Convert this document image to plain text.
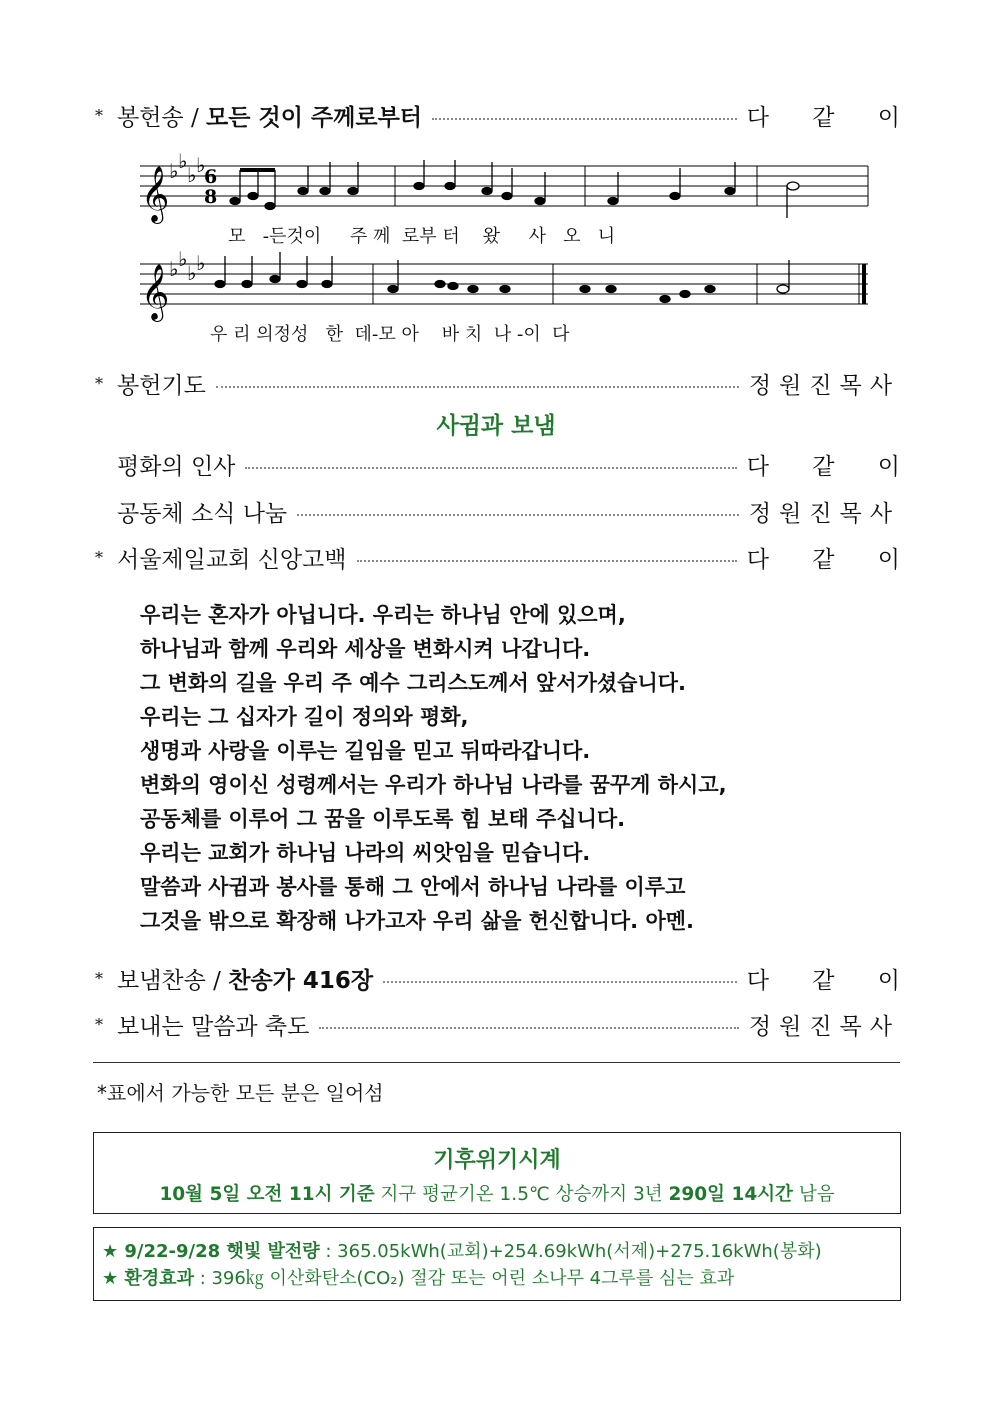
* 봉헌송 / 모든 것이 주께로부터	다 같 이
𝄞
𝄞
♭ ♭
♭ ♭
♭ ♭
♭ ♭
6
8
모 -든것이 주 께 로부 터 왔 사 오 니
우 리 의정성 한 데-모 아 바 치 나 -이 다
* 봉헌기도	정원진목사
사귐과 보냄
평화의 인사	다 같 이
공동체 소식 나눔	정원진목사
* 서울제일교회 신앙고백	다 같 이
우리는 혼자가 아닙니다. 우리는 하나님 안에 있으며,
하나님과 함께 우리와 세상을 변화시켜 나갑니다.
그 변화의 길을 우리 주 예수 그리스도께서 앞서가셨습니다.
우리는 그 십자가 길이 정의와 평화,
생명과 사랑을 이루는 길임을 믿고 뒤따라갑니다.
변화의 영이신 성령께서는 우리가 하나님 나라를 꿈꾸게 하시고,
공동체를 이루어 그 꿈을 이루도록 힘 보태 주십니다.
우리는 교회가 하나님 나라의 씨앗임을 믿습니다.
말씀과 사귐과 봉사를 통해 그 안에서 하나님 나라를 이루고
그것을 밖으로 확장해 나가고자 우리 삶을 헌신합니다. 아멘.
* 보냄찬송 / 찬송가 416장	다 같 이
* 보내는 말씀과 축도	정원진목사
*표에서 가능한 모든 분은 일어섬
기후위기시계
10월 5일 오전 11시 기준 지구 평균기온 1.5℃ 상승까지 3년 290일 14시간 남음
★ 9/22-9/28 햇빛 발전량 : 365.05kWh(교회)+254.69kWh(서제)+275.16kWh(봉화)
★ 환경효과 : 396㎏ 이산화탄소(CO₂) 절감 또는 어린 소나무 4그루를 심는 효과
